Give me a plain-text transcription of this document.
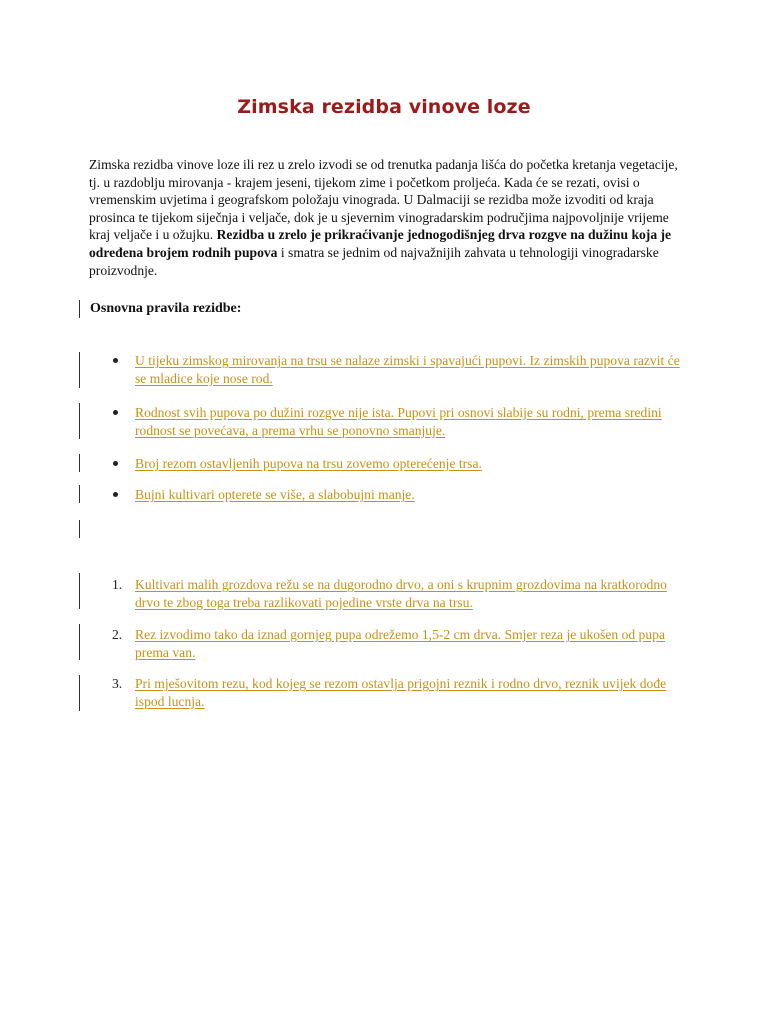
Zimska rezidba vinove loze

Zimska rezidba vinove loze ili rez u zrelo izvodi se od trenutka padanja lišća do početka kretanja vegetacije, tj. u razdoblju mirovanja - krajem jeseni, tijekom zime i početkom proljeća. Kada će se rezati, ovisi o vremenskim uvjetima i geografskom položaju vinograda. U Dalmaciji se rezidba može izvoditi od kraja prosinca te tijekom siječnja i veljače, dok je u sjevernim vinogradarskim područjima najpovoljnije vrijeme kraj veljače i u ožujku. Rezidba u zrelo je prikraćivanje jednogodišnjeg drva rozgve na dužinu koja je određena brojem rodnih pupova i smatra se jednim od najvažnijih zahvata u tehnologiji vinogradarske proizvodnje.

Osnovna pravila rezidbe:

U tijeku zimskog mirovanja na trsu se nalaze zimski i spavajući pupovi. Iz zimskih pupova razvit će se mladice koje nose rod.
Rodnost svih pupova po dužini rozgve nije ista. Pupovi pri osnovi slabije su rodni, prema sredini rodnost se povećava, a prema vrhu se ponovno smanjuje.
Broj rezom ostavljenih pupova na trsu zovemo opterećenje trsa.
Bujni kultivari opterete se više, a slabobujni manje.
1. Kultivari malih grozdova režu se na dugorodno drvo, a oni s krupnim grozdovima na kratkorodno drvo te zbog toga treba razlikovati pojedine vrste drva na trsu.
2. Rez izvodimo tako da iznad gornjeg pupa odrežemo 1,5-2 cm drva. Smjer reza je ukošen od pupa prema van.
3. Pri mješovitom rezu, kod kojeg se rezom ostavlja prigojni reznik i rodno drvo, reznik uvijek dođe ispod lucnja.
